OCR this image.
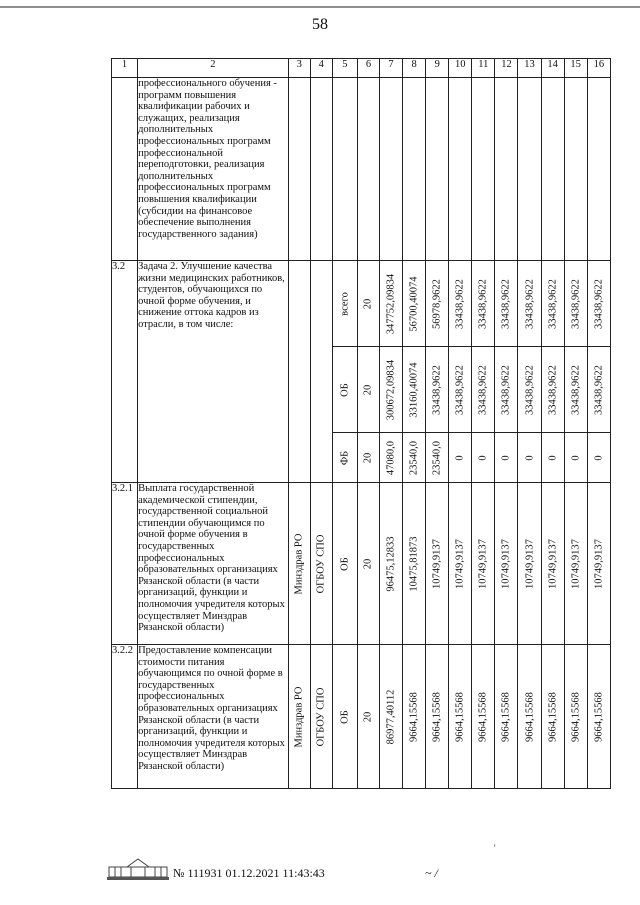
58
1	2	3	4	5	6	7	8	9	10	11	12	13	14	15	16
	профессионального обучения - программ повышения квалификации рабочих и служащих, реализация дополнительных профессиональных программ профессиональной переподготовки, реализация дополнительных профессиональных программ повышения квалификации (субсидии на финансовое обеспечение выполнения государственного задания)														
3.2	Задача 2. Улучшение качества жизни медицинских работников, студентов, обучающихся по очной форме обучения, и снижение оттока кадров из отрасли, в том числе:			всего	20	347752,09834	56700,40074	56978,9622	33438,9622	33438,9622	33438,9622	33438,9622	33438,9622	33438,9622	33438,9622

				ОБ	20	300672,09834	33160,40074	33438,9622	33438,9622	33438,9622	33438,9622	33438,9622	33438,9622	33438,9622	33438,9622

				ФБ	20	47080,0	23540,0	23540,0	0	0	0	0	0	0	0

3.2.1	Выплата государственной академической стипендии, государственной социальной стипендии обучающимся по очной форме обучения в государственных профессиональных образовательных организациях Рязанской области (в части организаций, функции и полномочия учредителя которых осуществляет Минздрав Рязанской области)	Минздрав РО	ОГБОУ СПО	ОБ	20	96475,12833	10475,81873	10749,9137	10749,9137	10749,9137	10749,9137	10749,9137	10749,9137	10749,9137	10749,9137

3.2.2	Предоставление компенсации стоимости питания обучающимся по очной форме в государственных профессиональных образовательных организациях Рязанской области (в части организаций, функции и полномочия учредителя которых осуществляет Минздрав Рязанской области)	Минздрав РО	ОГБОУ СПО	ОБ	20	86977,40112	9664,15568	9664,15568	9664,15568	9664,15568	9664,15568	9664,15568	9664,15568	9664,15568	9664,15568
№ 111931 01.12.2021 11:43:43	~ /
'
